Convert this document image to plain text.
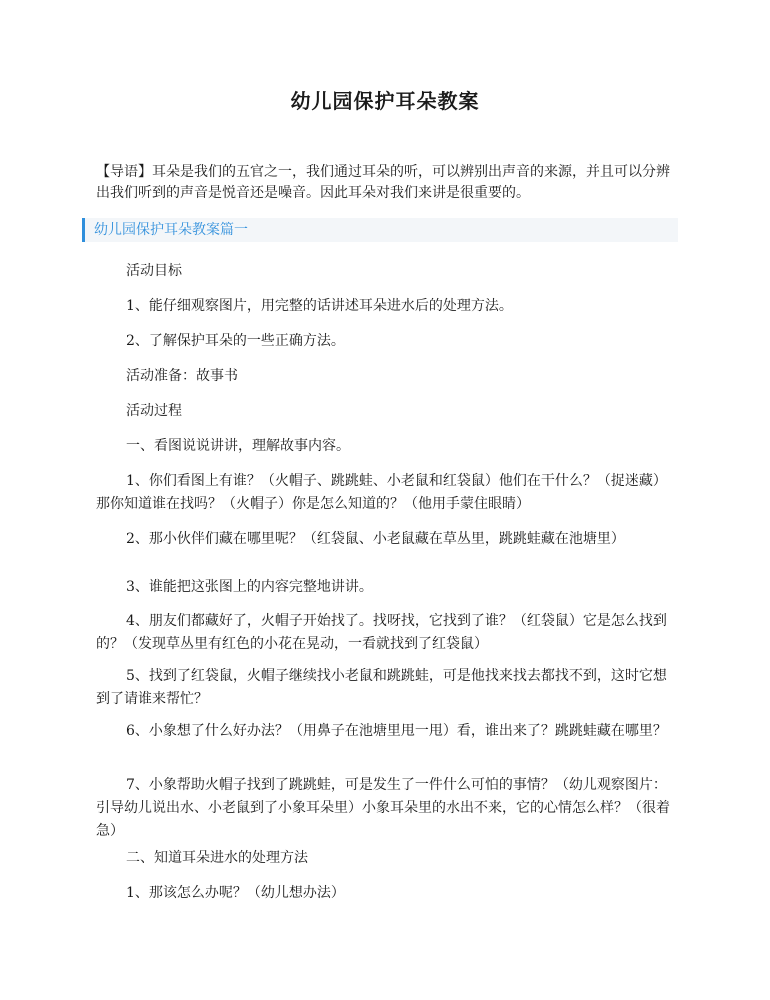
幼儿园保护耳朵教案
【导语】耳朵是我们的五官之一，我们通过耳朵的听，可以辨别出声音的来源，并且可以分辨出我们听到的声音是悦音还是噪音。因此耳朵对我们来讲是很重要的。
幼儿园保护耳朵教案篇一
活动目标
1、能仔细观察图片，用完整的话讲述耳朵进水后的处理方法。
2、了解保护耳朵的一些正确方法。
活动准备：故事书
活动过程
一、看图说说讲讲，理解故事内容。
1、你们看图上有谁？（火帽子、跳跳蛙、小老鼠和红袋鼠）他们在干什么？（捉迷藏）那你知道谁在找吗？（火帽子）你是怎么知道的？（他用手蒙住眼睛）
2、那小伙伴们藏在哪里呢？（红袋鼠、小老鼠藏在草丛里，跳跳蛙藏在池塘里）
3、谁能把这张图上的内容完整地讲讲。
4、朋友们都藏好了，火帽子开始找了。找呀找，它找到了谁？（红袋鼠）它是怎么找到的？（发现草丛里有红色的小花在晃动，一看就找到了红袋鼠）
5、找到了红袋鼠，火帽子继续找小老鼠和跳跳蛙，可是他找来找去都找不到，这时它想到了请谁来帮忙？
6、小象想了什么好办法？（用鼻子在池塘里甩一甩）看，谁出来了？跳跳蛙藏在哪里？
7、小象帮助火帽子找到了跳跳蛙，可是发生了一件什么可怕的事情？（幼儿观察图片：引导幼儿说出水、小老鼠到了小象耳朵里）小象耳朵里的水出不来，它的心情怎么样？（很着急）
二、知道耳朵进水的处理方法
1、那该怎么办呢？（幼儿想办法）
